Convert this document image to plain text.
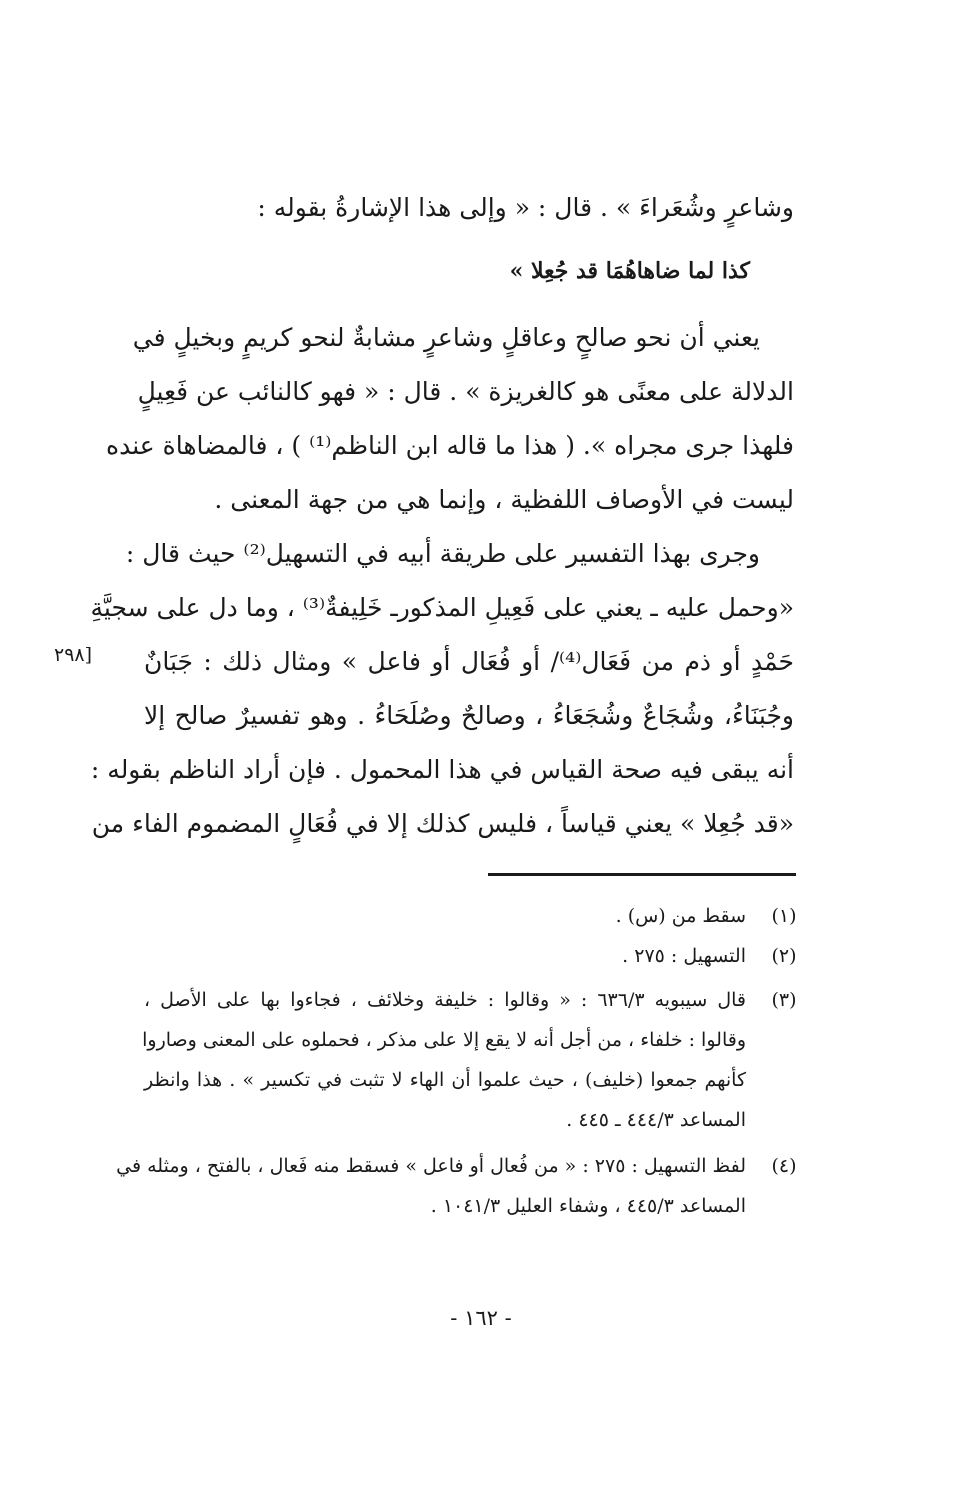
وشاعرٍ وشُعَراءَ » . قال : « وإلى هذا الإشارةُ بقوله :
كذا لما ضاهاهُمَا قد جُعِلا »
يعني أن نحو صالحٍ وعاقلٍ وشاعرٍ مشابةٌ لنحو كريمٍ وبخيلٍ في
الدلالة على معنًى هو كالغريزة » . قال : « فهو كالنائب عن فَعِيلٍ
فلهذا جرى مجراه ». ( هذا ما قاله ابن الناظم⁽¹⁾ ) ، فالمضاهاة عنده
ليست في الأوصاف اللفظية ، وإنما هي من جهة المعنى .
وجرى بهذا التفسير على طريقة أبيه في التسهيل⁽²⁾ حيث قال :
«وحمل عليه ـ يعني على فَعِيلِ المذكورـ خَلِيفةٌ⁽³⁾ ، وما دل على سجيَّةِ
حَمْدٍ أو ذم من فَعَال⁽⁴⁾/ أو فُعَال أو فاعل » ومثال ذلك : جَبَانٌ
وجُبَنَاءُ، وشُجَاعٌ وشُجَعَاءُ ، وصالحٌ وصُلَحَاءُ . وهو تفسيرٌ صالح إلا
أنه يبقى فيه صحة القياس في هذا المحمول . فإن أراد الناظم بقوله :
«قد جُعِلا » يعني قياساً ، فليس كذلك إلا في فُعَالٍ المضموم الفاء من
[٢٩٨
(١)
سقط من (س) .
(٢)
التسهيل : ٢٧٥ .
(٣)
قال سيبويه ٦٣٦/٣ : « وقالوا : خليفة وخلائف ، فجاءوا بها على الأصل ،
وقالوا : خلفاء ، من أجل أنه لا يقع إلا على مذكر ، فحملوه على المعنى وصاروا
كأنهم جمعوا (خليف) ، حيث علموا أن الهاء لا تثبت في تكسير » . هذا وانظر
المساعد ٤٤٤/٣ ـ ٤٤٥ .
(٤)
لفظ التسهيل : ٢٧٥ : « من فُعال أو فاعل » فسقط منه فَعال ، بالفتح ، ومثله في
المساعد ٤٤٥/٣ ، وشفاء العليل ١٠٤١/٣ .
- ١٦٢ -
